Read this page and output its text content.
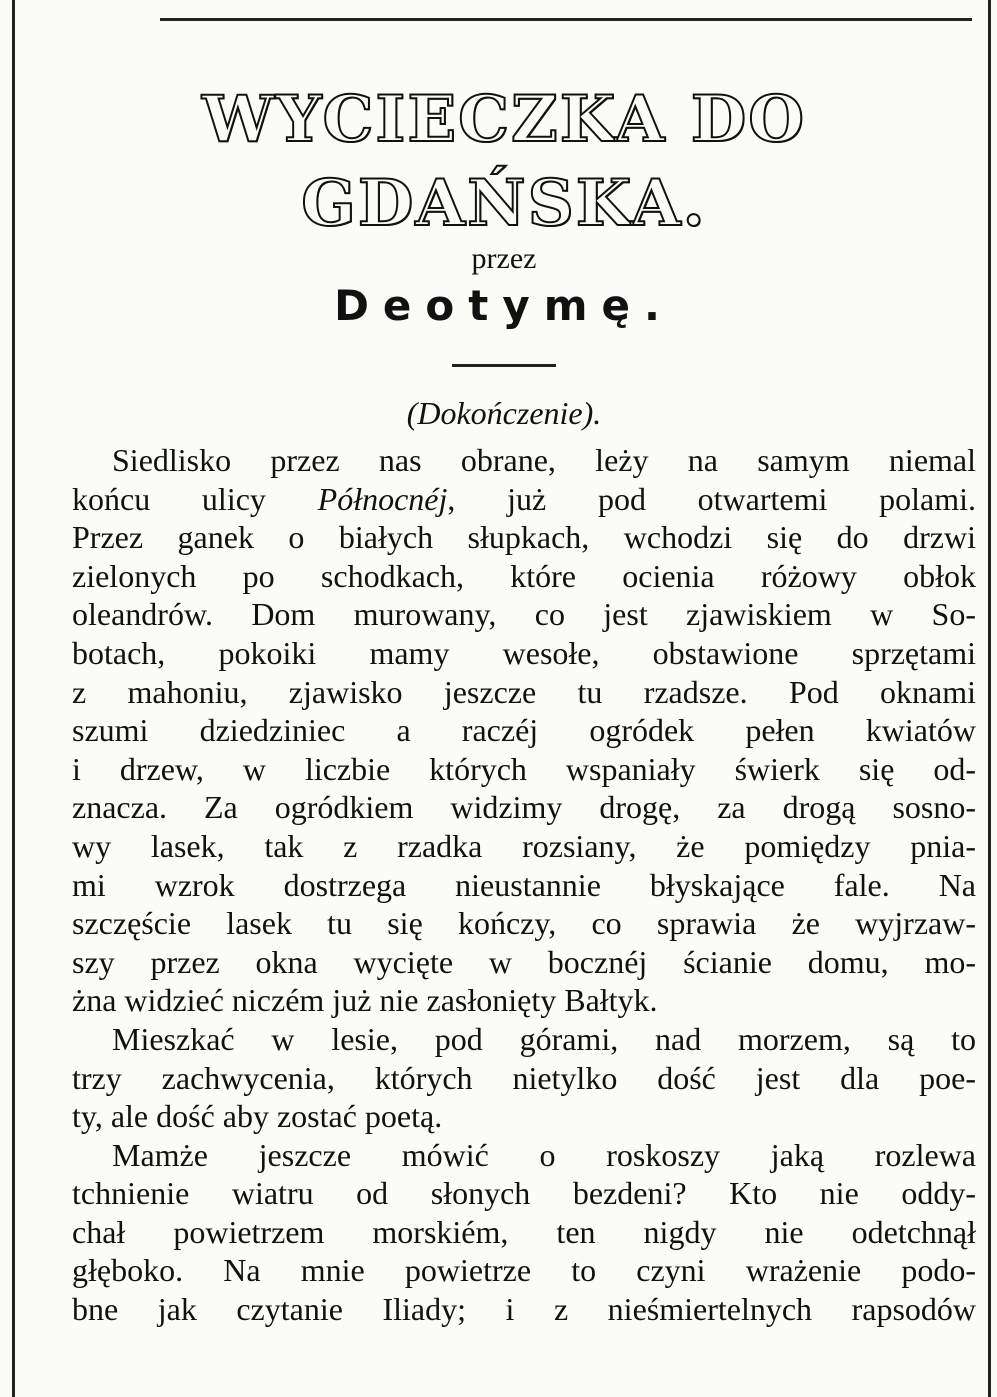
WYCIECZKA DO GDAŃSKA.
przez
Deotymę.
(Dokończenie).
Siedlisko przez nas obrane, leży na samym niemal
końcu ulicy Północnéj, już pod otwartemi polami.
Przez ganek o białych słupkach, wchodzi się do drzwi
zielonych po schodkach, które ocienia różowy obłok
oleandrów. Dom murowany, co jest zjawiskiem w So-
botach, pokoiki mamy wesołe, obstawione sprzętami
z mahoniu, zjawisko jeszcze tu rzadsze. Pod oknami
szumi dziedziniec a raczéj ogródek pełen kwiatów
i drzew, w liczbie których wspaniały świerk się od-
znacza. Za ogródkiem widzimy drogę, za drogą sosno-
wy lasek, tak z rzadka rozsiany, że pomiędzy pnia-
mi wzrok dostrzega nieustannie błyskające fale. Na
szczęście lasek tu się kończy, co sprawia że wyjrzaw-
szy przez okna wycięte w bocznéj ścianie domu, mo-
żna widzieć niczém już nie zasłonięty Bałtyk.
Mieszkać w lesie, pod górami, nad morzem, są to
trzy zachwycenia, których nietylko dość jest dla poe-
ty, ale dość aby zostać poetą.
Mamże jeszcze mówić o roskoszy jaką rozlewa
tchnienie wiatru od słonych bezdeni? Kto nie oddy-
chał powietrzem morskiém, ten nigdy nie odetchnął
głęboko. Na mnie powietrze to czyni wrażenie podo-
bne jak czytanie Iliady; i z nieśmiertelnych rapsodów
